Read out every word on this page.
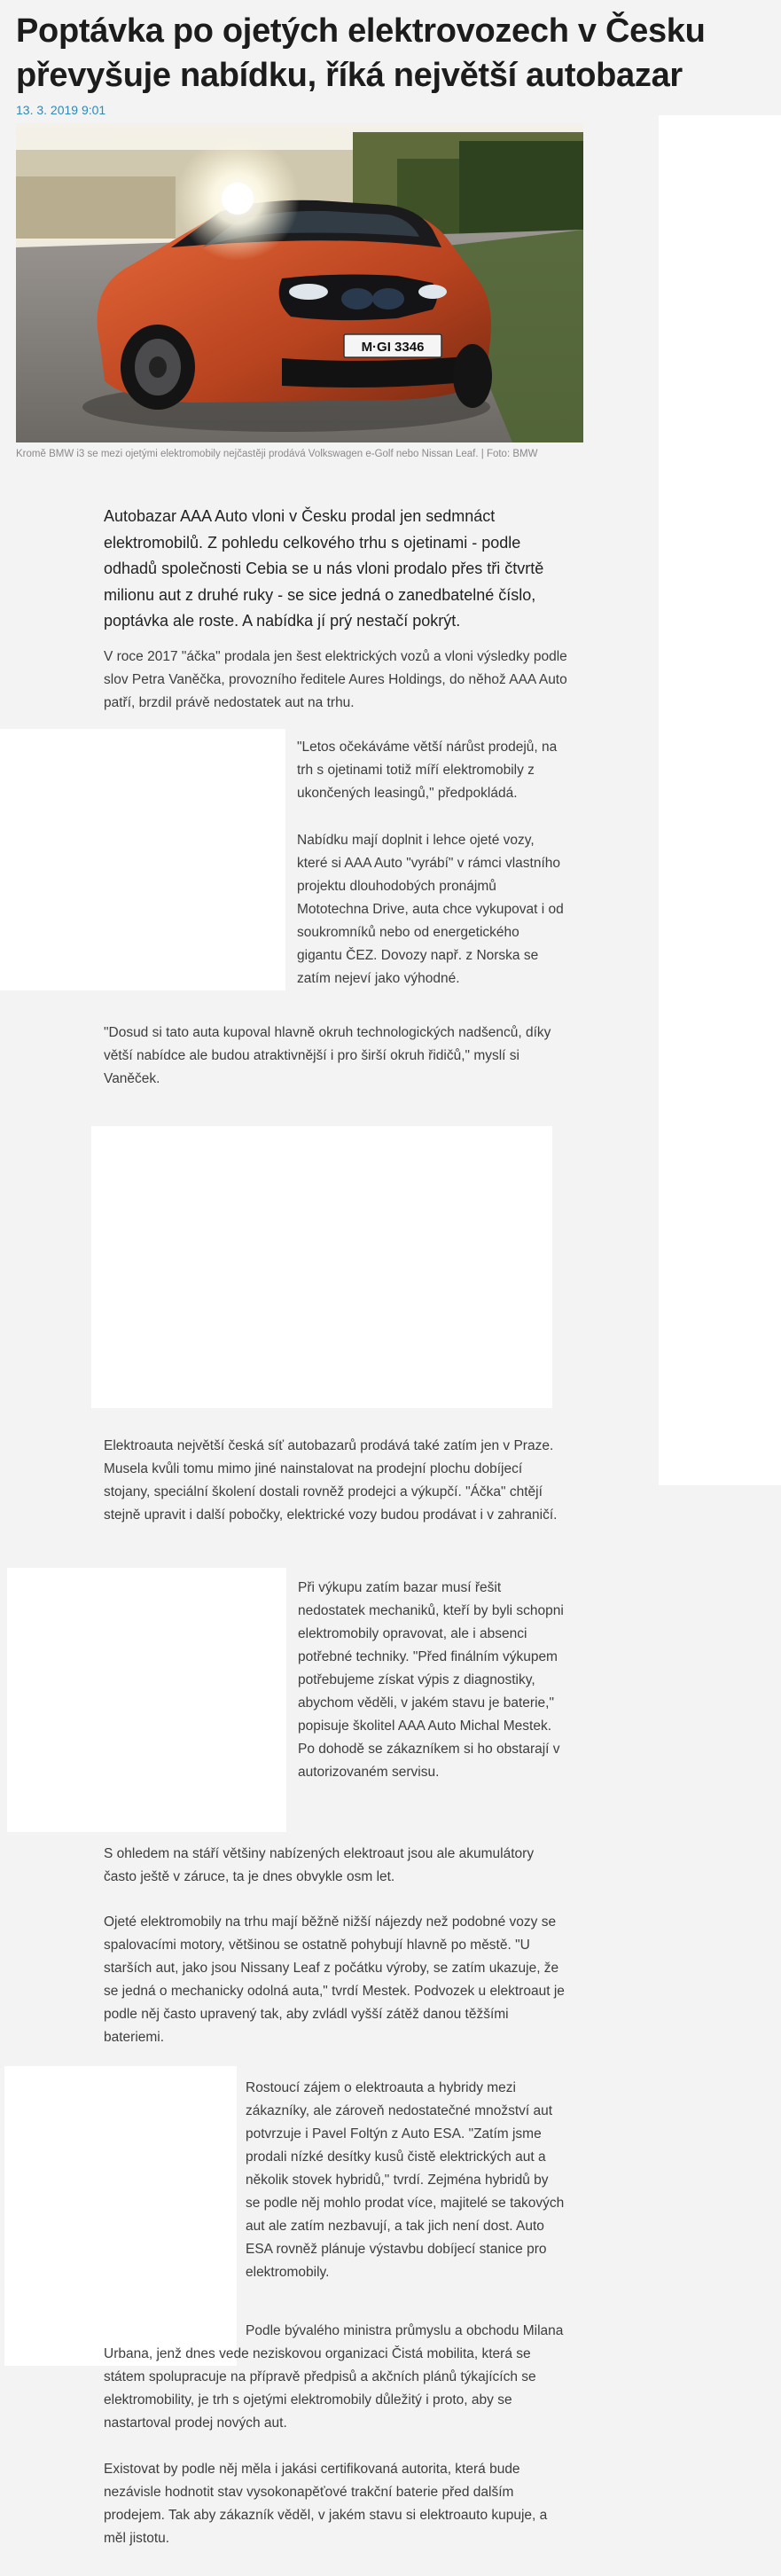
Poptávka po ojetých elektrovozech v Česku převyšuje nabídku, říká největší autobazar
13. 3. 2019 9:01
M·GI 3346
Kromě BMW i3 se mezi ojetými elektromobily nejčastěji prodává Volkswagen e-Golf nebo Nissan Leaf. | Foto: BMW

Autobazar AAA Auto vloni v Česku prodal jen sedmnáct elektromobilů. Z pohledu celkového trhu s ojetinami - podle odhadů společnosti Cebia se u nás vloni prodalo přes tři čtvrtě milionu aut z druhé ruky - se sice jedná o zanedbatelné číslo, poptávka ale roste. A nabídka jí prý nestačí pokrýt.

V roce 2017 "áčka" prodala jen šest elektrických vozů a vloni výsledky podle slov Petra Vaněčka, provozního ředitele Aures Holdings, do něhož AAA Auto patří, brzdil právě nedostatek aut na trhu.

"Letos očekáváme větší nárůst prodejů, na trh s ojetinami totiž míří elektromobily z ukončených leasingů," předpokládá.

Nabídku mají doplnit i lehce ojeté vozy, které si AAA Auto "vyrábí" v rámci vlastního projektu dlouhodobých pronájmů Mototechna Drive, auta chce vykupovat i od soukromníků nebo od energetického gigantu ČEZ. Dovozy např. z Norska se zatím nejeví jako výhodné.

"Dosud si tato auta kupoval hlavně okruh technologických nadšenců, díky větší nabídce ale budou atraktivnější i pro širší okruh řidičů," myslí si Vaněček.

Elektroauta největší česká síť autobazarů prodává také zatím jen v Praze. Musela kvůli tomu mimo jiné nainstalovat na prodejní plochu dobíjecí stojany, speciální školení dostali rovněž prodejci a výkupčí. "Áčka" chtějí stejně upravit i další pobočky, elektrické vozy budou prodávat i v zahraničí.

Při výkupu zatím bazar musí řešit nedostatek mechaniků, kteří by byli schopni elektromobily opravovat, ale i absenci potřebné techniky. "Před finálním výkupem potřebujeme získat výpis z diagnostiky, abychom věděli, v jakém stavu je baterie," popisuje školitel AAA Auto Michal Mestek. Po dohodě se zákazníkem si ho obstarají v autorizovaném servisu.

S ohledem na stáří většiny nabízených elektroaut jsou ale akumulátory často ještě v záruce, ta je dnes obvykle osm let.

Ojeté elektromobily na trhu mají běžně nižší nájezdy než podobné vozy se spalovacími motory, většinou se ostatně pohybují hlavně po městě. "U starších aut, jako jsou Nissany Leaf z počátku výroby, se zatím ukazuje, že se jedná o mechanicky odolná auta," tvrdí Mestek. Podvozek u elektroaut je podle něj často upravený tak, aby zvládl vyšší zátěž danou těžšími bateriemi.

Rostoucí zájem o elektroauta a hybridy mezi zákazníky, ale zároveň nedostatečné množství aut potvrzuje i Pavel Foltýn z Auto ESA. "Zatím jsme prodali nízké desítky kusů čistě elektrických aut a několik stovek hybridů," tvrdí. Zejména hybridů by se podle něj mohlo prodat více, majitelé se takových aut ale zatím nezbavují, a tak jich není dost. Auto ESA rovněž plánuje výstavbu dobíjecí stanice pro elektromobily.

Podle bývalého ministra průmyslu a obchodu Milana Urbana, jenž dnes vede neziskovou organizaci Čistá mobilita, která se státem spolupracuje na přípravě předpisů a akčních plánů týkajících se elektromobility, je trh s ojetými elektromobily důležitý i proto, aby se nastartoval prodej nových aut.

Existovat by podle něj měla i jakási certifikovaná autorita, která bude nezávisle hodnotit stav vysokonapěťové trakční baterie před dalším prodejem. Tak aby zákazník věděl, v jakém stavu si elektroauto kupuje, a měl jistotu.
